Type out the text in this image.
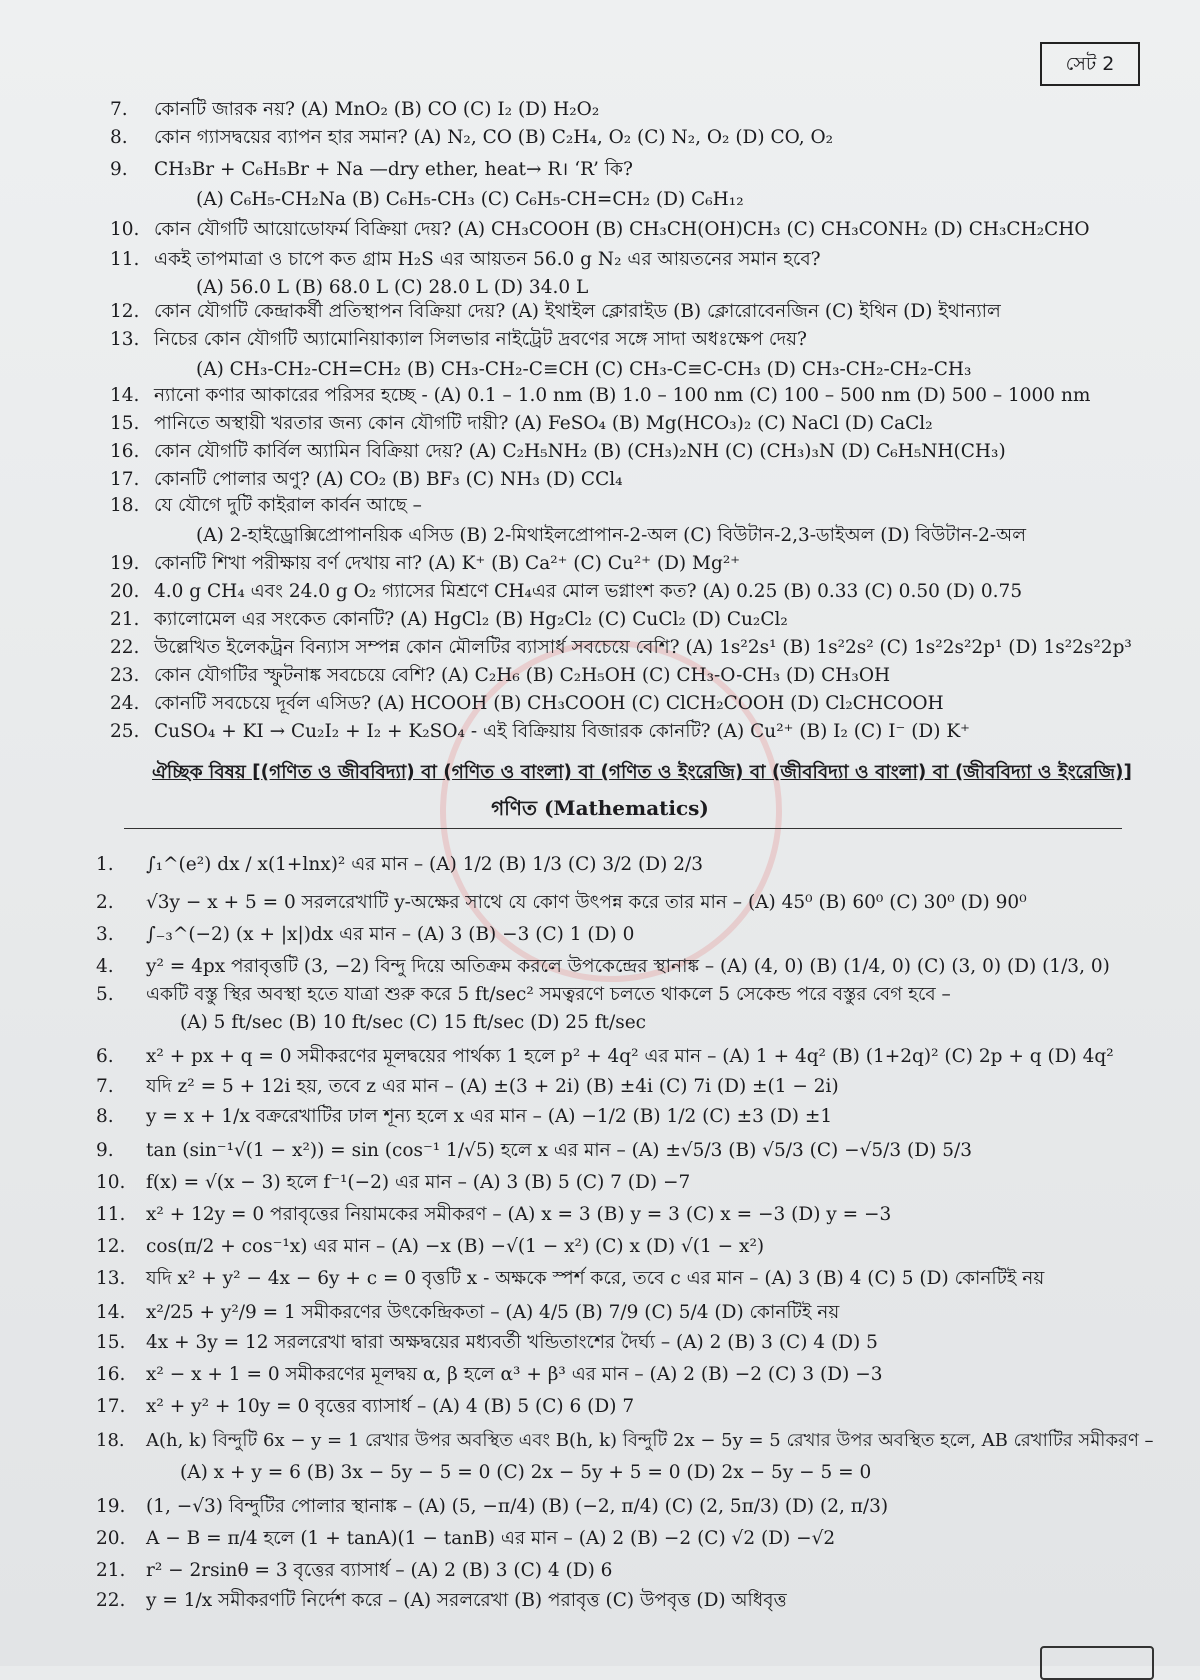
সেট 2
7. কোনটি জারক নয়? (A) MnO₂ (B) CO (C) I₂ (D) H₂O₂
8. কোন গ্যাসদ্বয়ের ব্যাপন হার সমান? (A) N₂, CO (B) C₂H₄, O₂ (C) N₂, O₂ (D) CO, O₂
9. CH₃Br + C₆H₅Br + Na —dry ether, heat→ R। ‘R’ কি?
(A) C₆H₅-CH₂Na (B) C₆H₅-CH₃ (C) C₆H₅-CH=CH₂ (D) C₆H₁₂
10. কোন যৌগটি আয়োডোফর্ম বিক্রিয়া দেয়? (A) CH₃COOH (B) CH₃CH(OH)CH₃ (C) CH₃CONH₂ (D) CH₃CH₂CHO
11. একই তাপমাত্রা ও চাপে কত গ্রাম H₂S এর আয়তন 56.0 g N₂ এর আয়তনের সমান হবে?
(A) 56.0 L (B) 68.0 L (C) 28.0 L (D) 34.0 L
12. কোন যৌগটি কেন্দ্রাকর্ষী প্রতিস্থাপন বিক্রিয়া দেয়? (A) ইথাইল ক্লোরাইড (B) ক্লোরোবেনজিন (C) ইথিন (D) ইথান্যাল
13. নিচের কোন যৌগটি অ্যামোনিয়াক্যাল সিলভার নাইট্রেট দ্রবণের সঙ্গে সাদা অধঃক্ষেপ দেয়?
(A) CH₃-CH₂-CH=CH₂ (B) CH₃-CH₂-C≡CH (C) CH₃-C≡C-CH₃ (D) CH₃-CH₂-CH₂-CH₃
14. ন্যানো কণার আকারের পরিসর হচ্ছে - (A) 0.1 – 1.0 nm (B) 1.0 – 100 nm (C) 100 – 500 nm (D) 500 – 1000 nm
15. পানিতে অস্থায়ী খরতার জন্য কোন যৌগটি দায়ী? (A) FeSO₄ (B) Mg(HCO₃)₂ (C) NaCl (D) CaCl₂
16. কোন যৌগটি কার্বিল অ্যামিন বিক্রিয়া দেয়? (A) C₂H₅NH₂ (B) (CH₃)₂NH (C) (CH₃)₃N (D) C₆H₅NH(CH₃)
17. কোনটি পোলার অণু? (A) CO₂ (B) BF₃ (C) NH₃ (D) CCl₄
18. যে যৌগে দুটি কাইরাল কার্বন আছে –
(A) 2-হাইড্রোক্সিপ্রোপানয়িক এসিড (B) 2-মিথাইলপ্রোপান-2-অল (C) বিউটান-2,3-ডাইঅল (D) বিউটান-2-অল
19. কোনটি শিখা পরীক্ষায় বর্ণ দেখায় না? (A) K⁺ (B) Ca²⁺ (C) Cu²⁺ (D) Mg²⁺
20. 4.0 g CH₄ এবং 24.0 g O₂ গ্যাসের মিশ্রণে CH₄এর মোল ভগ্নাংশ কত? (A) 0.25 (B) 0.33 (C) 0.50 (D) 0.75
21. ক্যালোমেল এর সংকেত কোনটি? (A) HgCl₂ (B) Hg₂Cl₂ (C) CuCl₂ (D) Cu₂Cl₂
22. উল্লেখিত ইলেকট্রন বিন্যাস সম্পন্ন কোন মৌলটির ব্যাসার্ধ সবচেয়ে বেশি? (A) 1s²2s¹ (B) 1s²2s² (C) 1s²2s²2p¹ (D) 1s²2s²2p³
23. কোন যৌগটির স্ফুটনাঙ্ক সবচেয়ে বেশি? (A) C₂H₆ (B) C₂H₅OH (C) CH₃-O-CH₃ (D) CH₃OH
24. কোনটি সবচেয়ে দূর্বল এসিড? (A) HCOOH (B) CH₃COOH (C) ClCH₂COOH (D) Cl₂CHCOOH
25. CuSO₄ + KI → Cu₂I₂ + I₂ + K₂SO₄ - এই বিক্রিয়ায় বিজারক কোনটি? (A) Cu²⁺ (B) I₂ (C) I⁻ (D) K⁺
ঐচ্ছিক বিষয় [(গণিত ও জীববিদ্যা) বা (গণিত ও বাংলা) বা (গণিত ও ইংরেজি) বা (জীববিদ্যা ও বাংলা) বা (জীববিদ্যা ও ইংরেজি)]
গণিত (Mathematics)
1. ∫₁^(e²) dx / x(1+lnx)² এর মান – (A) 1/2 (B) 1/3 (C) 3/2 (D) 2/3
2. √3y − x + 5 = 0 সরলরেখাটি y-অক্ষের সাথে যে কোণ উৎপন্ন করে তার মান – (A) 45⁰ (B) 60⁰ (C) 30⁰ (D) 90⁰
3. ∫₋₃^(−2) (x + |x|)dx এর মান – (A) 3 (B) −3 (C) 1 (D) 0
4. y² = 4px পরাবৃত্তটি (3, −2) বিন্দু দিয়ে অতিক্রম করলে উপকেন্দ্রের স্থানাঙ্ক – (A) (4, 0) (B) (1/4, 0) (C) (3, 0) (D) (1/3, 0)
5. একটি বস্তু স্থির অবস্থা হতে যাত্রা শুরু করে 5 ft/sec² সমত্বরণে চলতে থাকলে 5 সেকেন্ড পরে বস্তুর বেগ হবে –
(A) 5 ft/sec (B) 10 ft/sec (C) 15 ft/sec (D) 25 ft/sec
6. x² + px + q = 0 সমীকরণের মূলদ্বয়ের পার্থক্য 1 হলে p² + 4q² এর মান – (A) 1 + 4q² (B) (1+2q)² (C) 2p + q (D) 4q²
7. যদি z² = 5 + 12i হয়, তবে z এর মান – (A) ±(3 + 2i) (B) ±4i (C) 7i (D) ±(1 − 2i)
8. y = x + 1/x বক্ররেখাটির ঢাল শূন্য হলে x এর মান – (A) −1/2 (B) 1/2 (C) ±3 (D) ±1
9. tan (sin⁻¹√(1 − x²)) = sin (cos⁻¹ 1/√5) হলে x এর মান – (A) ±√5/3 (B) √5/3 (C) −√5/3 (D) 5/3
10. f(x) = √(x − 3) হলে f⁻¹(−2) এর মান – (A) 3 (B) 5 (C) 7 (D) −7
11. x² + 12y = 0 পরাবৃত্তের নিয়ামকের সমীকরণ – (A) x = 3 (B) y = 3 (C) x = −3 (D) y = −3
12. cos(π/2 + cos⁻¹x) এর মান – (A) −x (B) −√(1 − x²) (C) x (D) √(1 − x²)
13. যদি x² + y² − 4x − 6y + c = 0 বৃত্তটি x - অক্ষকে স্পর্শ করে, তবে c এর মান – (A) 3 (B) 4 (C) 5 (D) কোনটিই নয়
14. x²/25 + y²/9 = 1 সমীকরণের উৎকেন্দ্রিকতা – (A) 4/5 (B) 7/9 (C) 5/4 (D) কোনটিই নয়
15. 4x + 3y = 12 সরলরেখা দ্বারা অক্ষদ্বয়ের মধ্যবর্তী খন্ডিতাংশের দৈর্ঘ্য – (A) 2 (B) 3 (C) 4 (D) 5
16. x² − x + 1 = 0 সমীকরণের মূলদ্বয় α, β হলে α³ + β³ এর মান – (A) 2 (B) −2 (C) 3 (D) −3
17. x² + y² + 10y = 0 বৃত্তের ব্যাসার্ধ – (A) 4 (B) 5 (C) 6 (D) 7
18. A(h, k) বিন্দুটি 6x − y = 1 রেখার উপর অবস্থিত এবং B(h, k) বিন্দুটি 2x − 5y = 5 রেখার উপর অবস্থিত হলে, AB রেখাটির সমীকরণ –
(A) x + y = 6 (B) 3x − 5y − 5 = 0 (C) 2x − 5y + 5 = 0 (D) 2x − 5y − 5 = 0
19. (1, −√3) বিন্দুটির পোলার স্থানাঙ্ক – (A) (5, −π/4) (B) (−2, π/4) (C) (2, 5π/3) (D) (2, π/3)
20. A − B = π/4 হলে (1 + tanA)(1 − tanB) এর মান – (A) 2 (B) −2 (C) √2 (D) −√2
21. r² − 2rsinθ = 3 বৃত্তের ব্যাসার্ধ – (A) 2 (B) 3 (C) 4 (D) 6
22. y = 1/x সমীকরণটি নির্দেশ করে – (A) সরলরেখা (B) পরাবৃত্ত (C) উপবৃত্ত (D) অধিবৃত্ত
